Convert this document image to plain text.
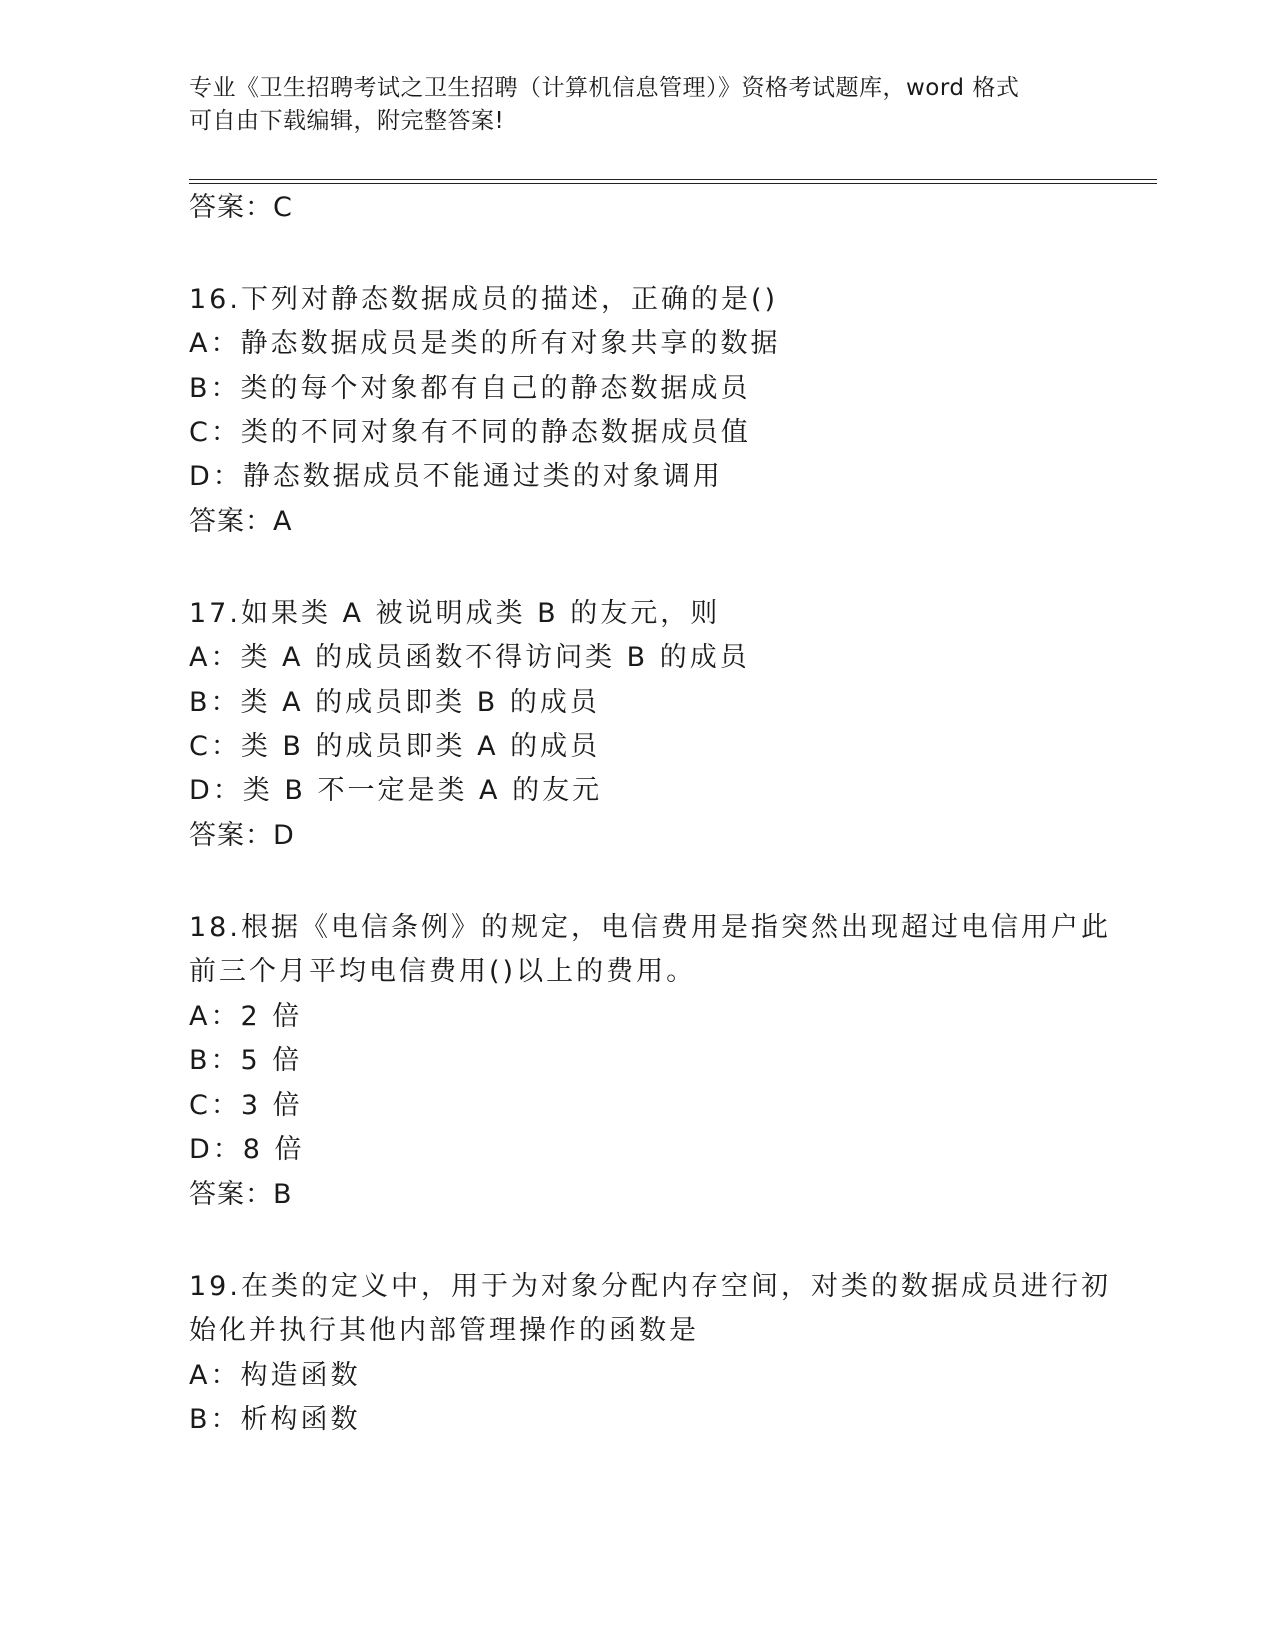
专业《卫生招聘考试之卫生招聘（计算机信息管理）》资格考试题库，word 格式
可自由下载编辑，附完整答案!
答案：C
16.下列对静态数据成员的描述，正确的是()
A：静态数据成员是类的所有对象共享的数据
B：类的每个对象都有自己的静态数据成员
C：类的不同对象有不同的静态数据成员值
D：静态数据成员不能通过类的对象调用
答案：A
17.如果类 A 被说明成类 B 的友元，则
A：类 A 的成员函数不得访问类 B 的成员
B：类 A 的成员即类 B 的成员
C：类 B 的成员即类 A 的成员
D：类 B 不一定是类 A 的友元
答案：D
18.根据《电信条例》的规定，电信费用是指突然出现超过电信用户此
前三个月平均电信费用()以上的费用。
A：2 倍
B：5 倍
C：3 倍
D：8 倍
答案：B
19.在类的定义中，用于为对象分配内存空间，对类的数据成员进行初
始化并执行其他内部管理操作的函数是
A：构造函数
B：析构函数
